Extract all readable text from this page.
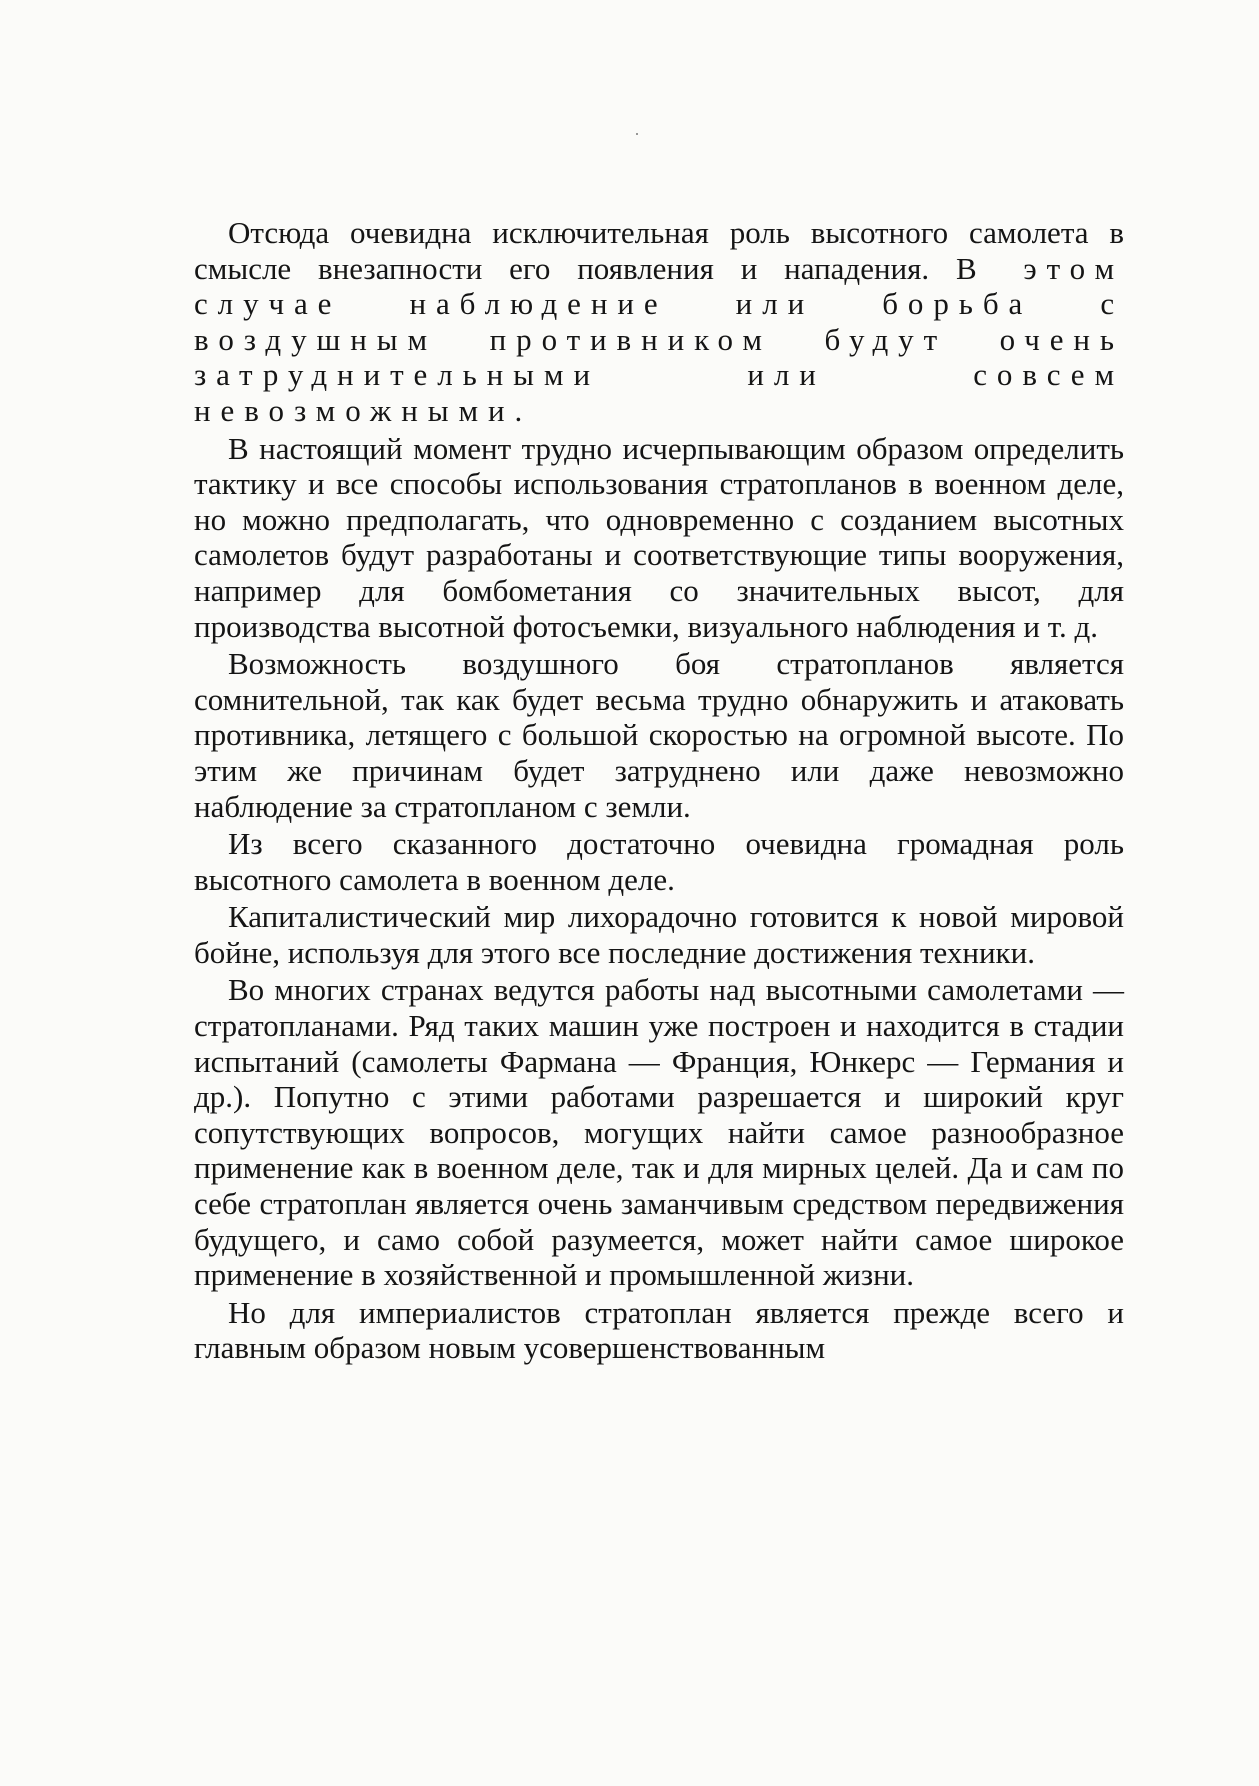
Отсюда очевидна исключительная роль высотного самолета в смысле внезапности его появления и нападения. В этом случае наблюдение или борьба с воздушным противником будут очень затруднительными или совсем невозможными.

В настоящий момент трудно исчерпывающим образом определить тактику и все способы использования стратопланов в военном деле, но можно предполагать, что одновременно с созданием высотных самолетов будут разработаны и соответствующие типы вооружения, например для бомбометания со значительных высот, для производства высотной фотосъемки, визуального наблюдения и т. д.

Возможность воздушного боя стратопланов является сомнительной, так как будет весьма трудно обнаружить и атаковать противника, летящего с большой скоростью на огромной высоте. По этим же причинам будет затруднено или даже невозможно наблюдение за стратопланом с земли.

Из всего сказанного достаточно очевидна громадная роль высотного самолета в военном деле.

Капиталистический мир лихорадочно готовится к новой мировой бойне, используя для этого все последние достижения техники.

Во многих странах ведутся работы над высотными самолетами — стратопланами. Ряд таких машин уже построен и находится в стадии испытаний (самолеты Фармана — Франция, Юнкерс — Германия и др.). Попутно с этими работами разрешается и широкий круг сопутствующих вопросов, могущих найти самое разнообразное применение как в военном деле, так и для мирных целей. Да и сам по себе стратоплан является очень заманчивым средством передвижения будущего, и само собой разумеется, может найти самое широкое применение в хозяйственной и промышленной жизни.

Но для империалистов стратоплан является прежде всего и главным образом новым усовершенствованным
